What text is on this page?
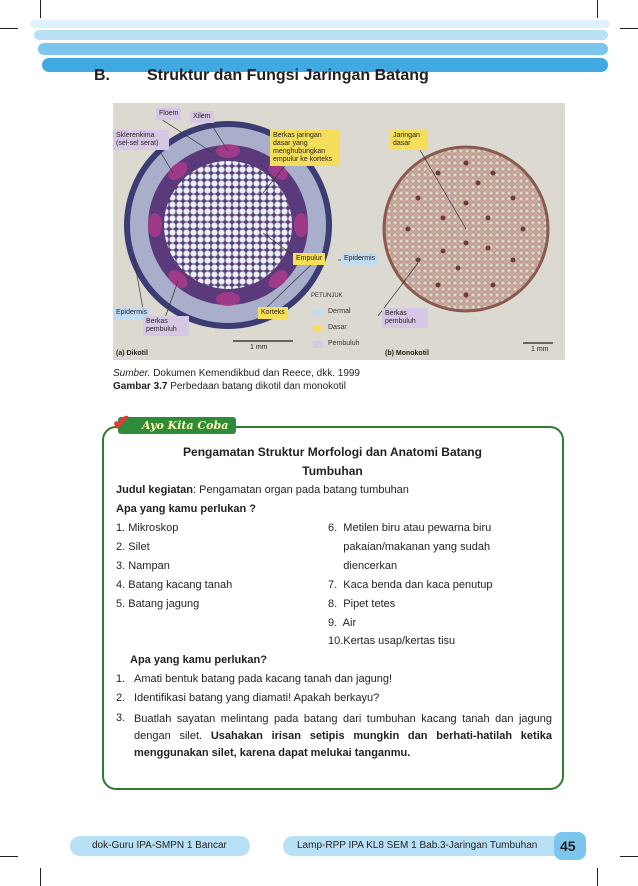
B. Struktur dan Fungsi Jaringan Batang
Floem	Xilem
Sklerenkima (sel-sel serat)
Berkas jaringan dasar yang menghubungkan empulur ke korteks
Jaringan dasar
Empulur	Epidermis
Epidermis
Berkas pembuluh
Korteks	Berkas pembuluh
PETUNJUK
Dermal
Dasar
Pembuluh
1 mm	1 mm
(a) Dikotil	(b) Monokotil
Sumber. Dokumen Kemendikbud dan Reece, dkk. 1999
Gambar 3.7 Perbedaan batang dikotil dan monokotil
✔ Ayo Kita Coba
Pengamatan Struktur Morfologi dan Anatomi Batang
Tumbuhan
Judul kegiatan: Pengamatan organ pada batang tumbuhan
Apa yang kamu perlukan ?
1. Mikroskop
2. Silet
3. Nampan
4. Batang kacang tanah
5. Batang jagung
6.  Metilen biru atau pewarna biru
pakaian/makanan yang sudah
diencerkan
7.  Kaca benda dan kaca penutup
8.  Pipet tetes
9.  Air
10.Kertas usap/kertas tisu
Apa yang kamu perlukan?
1. Amati bentuk batang pada kacang tanah dan jagung!
2. Identifikasi batang yang diamati! Apakah berkayu?
3. Buatlah sayatan melintang pada batang dari tumbuhan kacang tanah dan jagung dengan silet. Usahakan irisan setipis mungkin dan berhati-hatilah ketika menggunakan silet, karena dapat melukai tanganmu.
dok-Guru IPA-SMPN 1 Bancar	Lamp-RPP IPA KL8 SEM 1 Bab.3-Jaringan Tumbuhan 45
